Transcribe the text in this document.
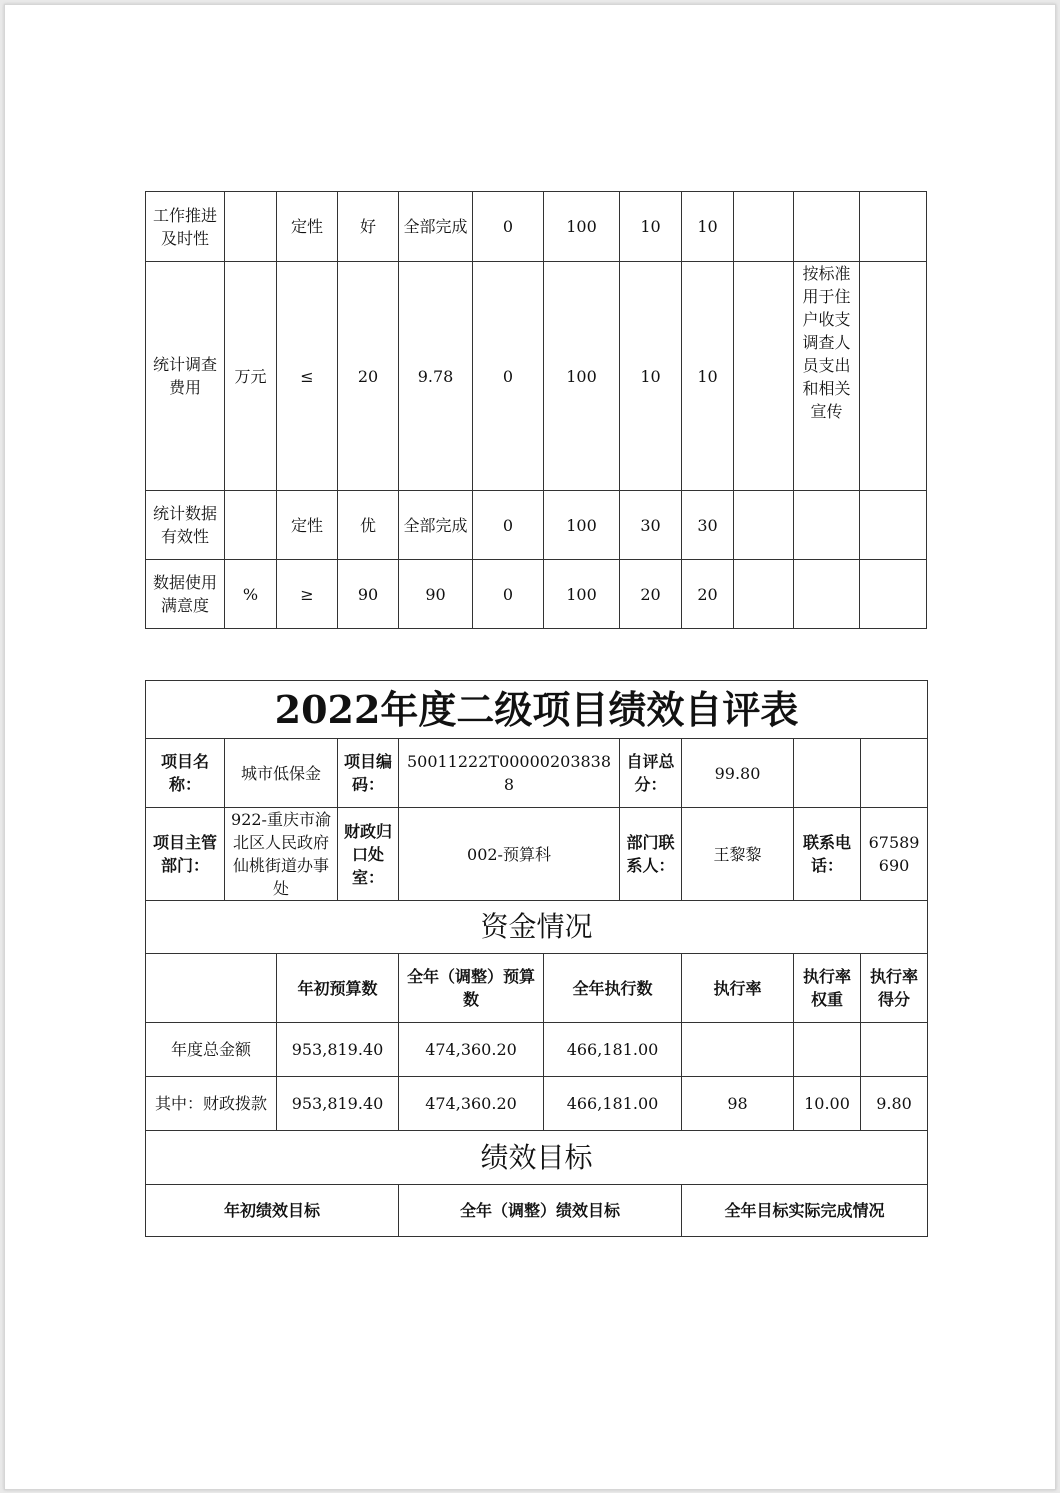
工作推进及时性		定性	好	全部完成	0	100	10	10			
统计调查费用	万元	≤	20	9.78	0	100	10	10		按标准用于住户收支调查人员支出和相关宣传	
统计数据有效性		定性	优	全部完成	0	100	30	30			
数据使用满意度	%	≥	90	90	0	100	20	20			
2022年度二级项目绩效自评表									
项目名称：	城市低保金		项目编码：	50011222T000002038388		自评总分：	99.80		
项目主管部门：	922-重庆市渝北区人民政府仙桃街道办事处		财政归口处室：	002-预算科		部门联系人：	王黎黎	联系电话：	67589690
资金情况									
		年初预算数		全年（调整）预算数	全年执行数		执行率	执行率权重	执行率得分
年度总金额		953,819.40		474,360.20	466,181.00				
其中：财政拨款		953,819.40		474,360.20	466,181.00		98	10.00	9.80
绩效目标									
年初绩效目标				全年（调整）绩效目标			全年目标实际完成情况		
